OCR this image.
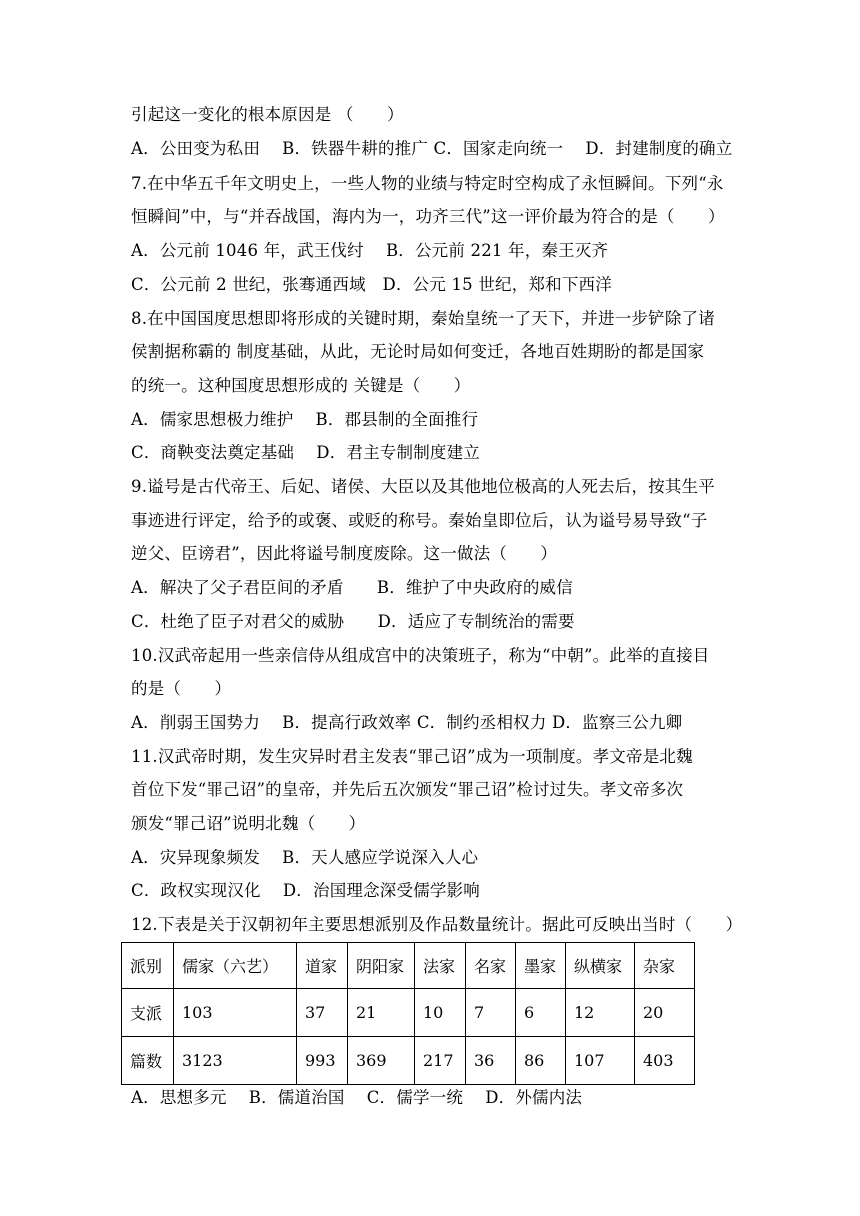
引起这一变化的根本原因是 （　　）
A．公田变为私田　 B．铁器牛耕的推广 C．国家走向统一　 D．封建制度的确立
7.在中华五千年文明史上，一些人物的业绩与特定时空构成了永恒瞬间。下列“永
恒瞬间”中，与“并吞战国，海内为一，功齐三代”这一评价最为符合的是（　　）
A．公元前 1046 年，武王伐纣　 B．公元前 221 年，秦王灭齐
C．公元前 2 世纪，张骞通西域　D．公元 15 世纪，郑和下西洋
8.在中国国度思想即将形成的关键时期，秦始皇统一了天下，并进一步铲除了诸
侯割据称霸的 制度基础，从此，无论时局如何变迁，各地百姓期盼的都是国家
的统一。这种国度思想形成的 关键是（　　）
A．儒家思想极力维护　 B．郡县制的全面推行
C．商鞅变法奠定基础　 D．君主专制制度建立
9.谥号是古代帝王、后妃、诸侯、大臣以及其他地位极高的人死去后，按其生平
事迹进行评定，给予的或褒、或贬的称号。秦始皇即位后，认为谥号易导致“子
逆父、臣谤君”，因此将谥号制度废除。这一做法（　　）
A．解决了父子君臣间的矛盾　　B．维护了中央政府的威信
C．杜绝了臣子对君父的威胁　　D．适应了专制统治的需要
10.汉武帝起用一些亲信侍从组成宫中的决策班子，称为“中朝”。此举的直接目
的是（　　）
A．削弱王国势力　 B．提高行政效率 C．制约丞相权力 D．监察三公九卿
11.汉武帝时期，发生灾异时君主发表“罪己诏”成为一项制度。孝文帝是北魏
首位下发“罪己诏”的皇帝，并先后五次颁发“罪己诏”检讨过失。孝文帝多次
颁发“罪己诏”说明北魏（　　）
A．灾异现象频发　 B．天人感应学说深入人心
C．政权实现汉化　 D．治国理念深受儒学影响
12.下表是关于汉朝初年主要思想派别及作品数量统计。据此可反映出当时（　　）
派别	儒家（六艺）	道家	阴阳家	法家	名家	墨家	纵横家	杂家
支派	103	37	21	10	7	6	12	20
篇数	3123	993	369	217	36	86	107	403
A．思想多元　 B．儒道治国　 C．儒学一统　 D．外儒内法
